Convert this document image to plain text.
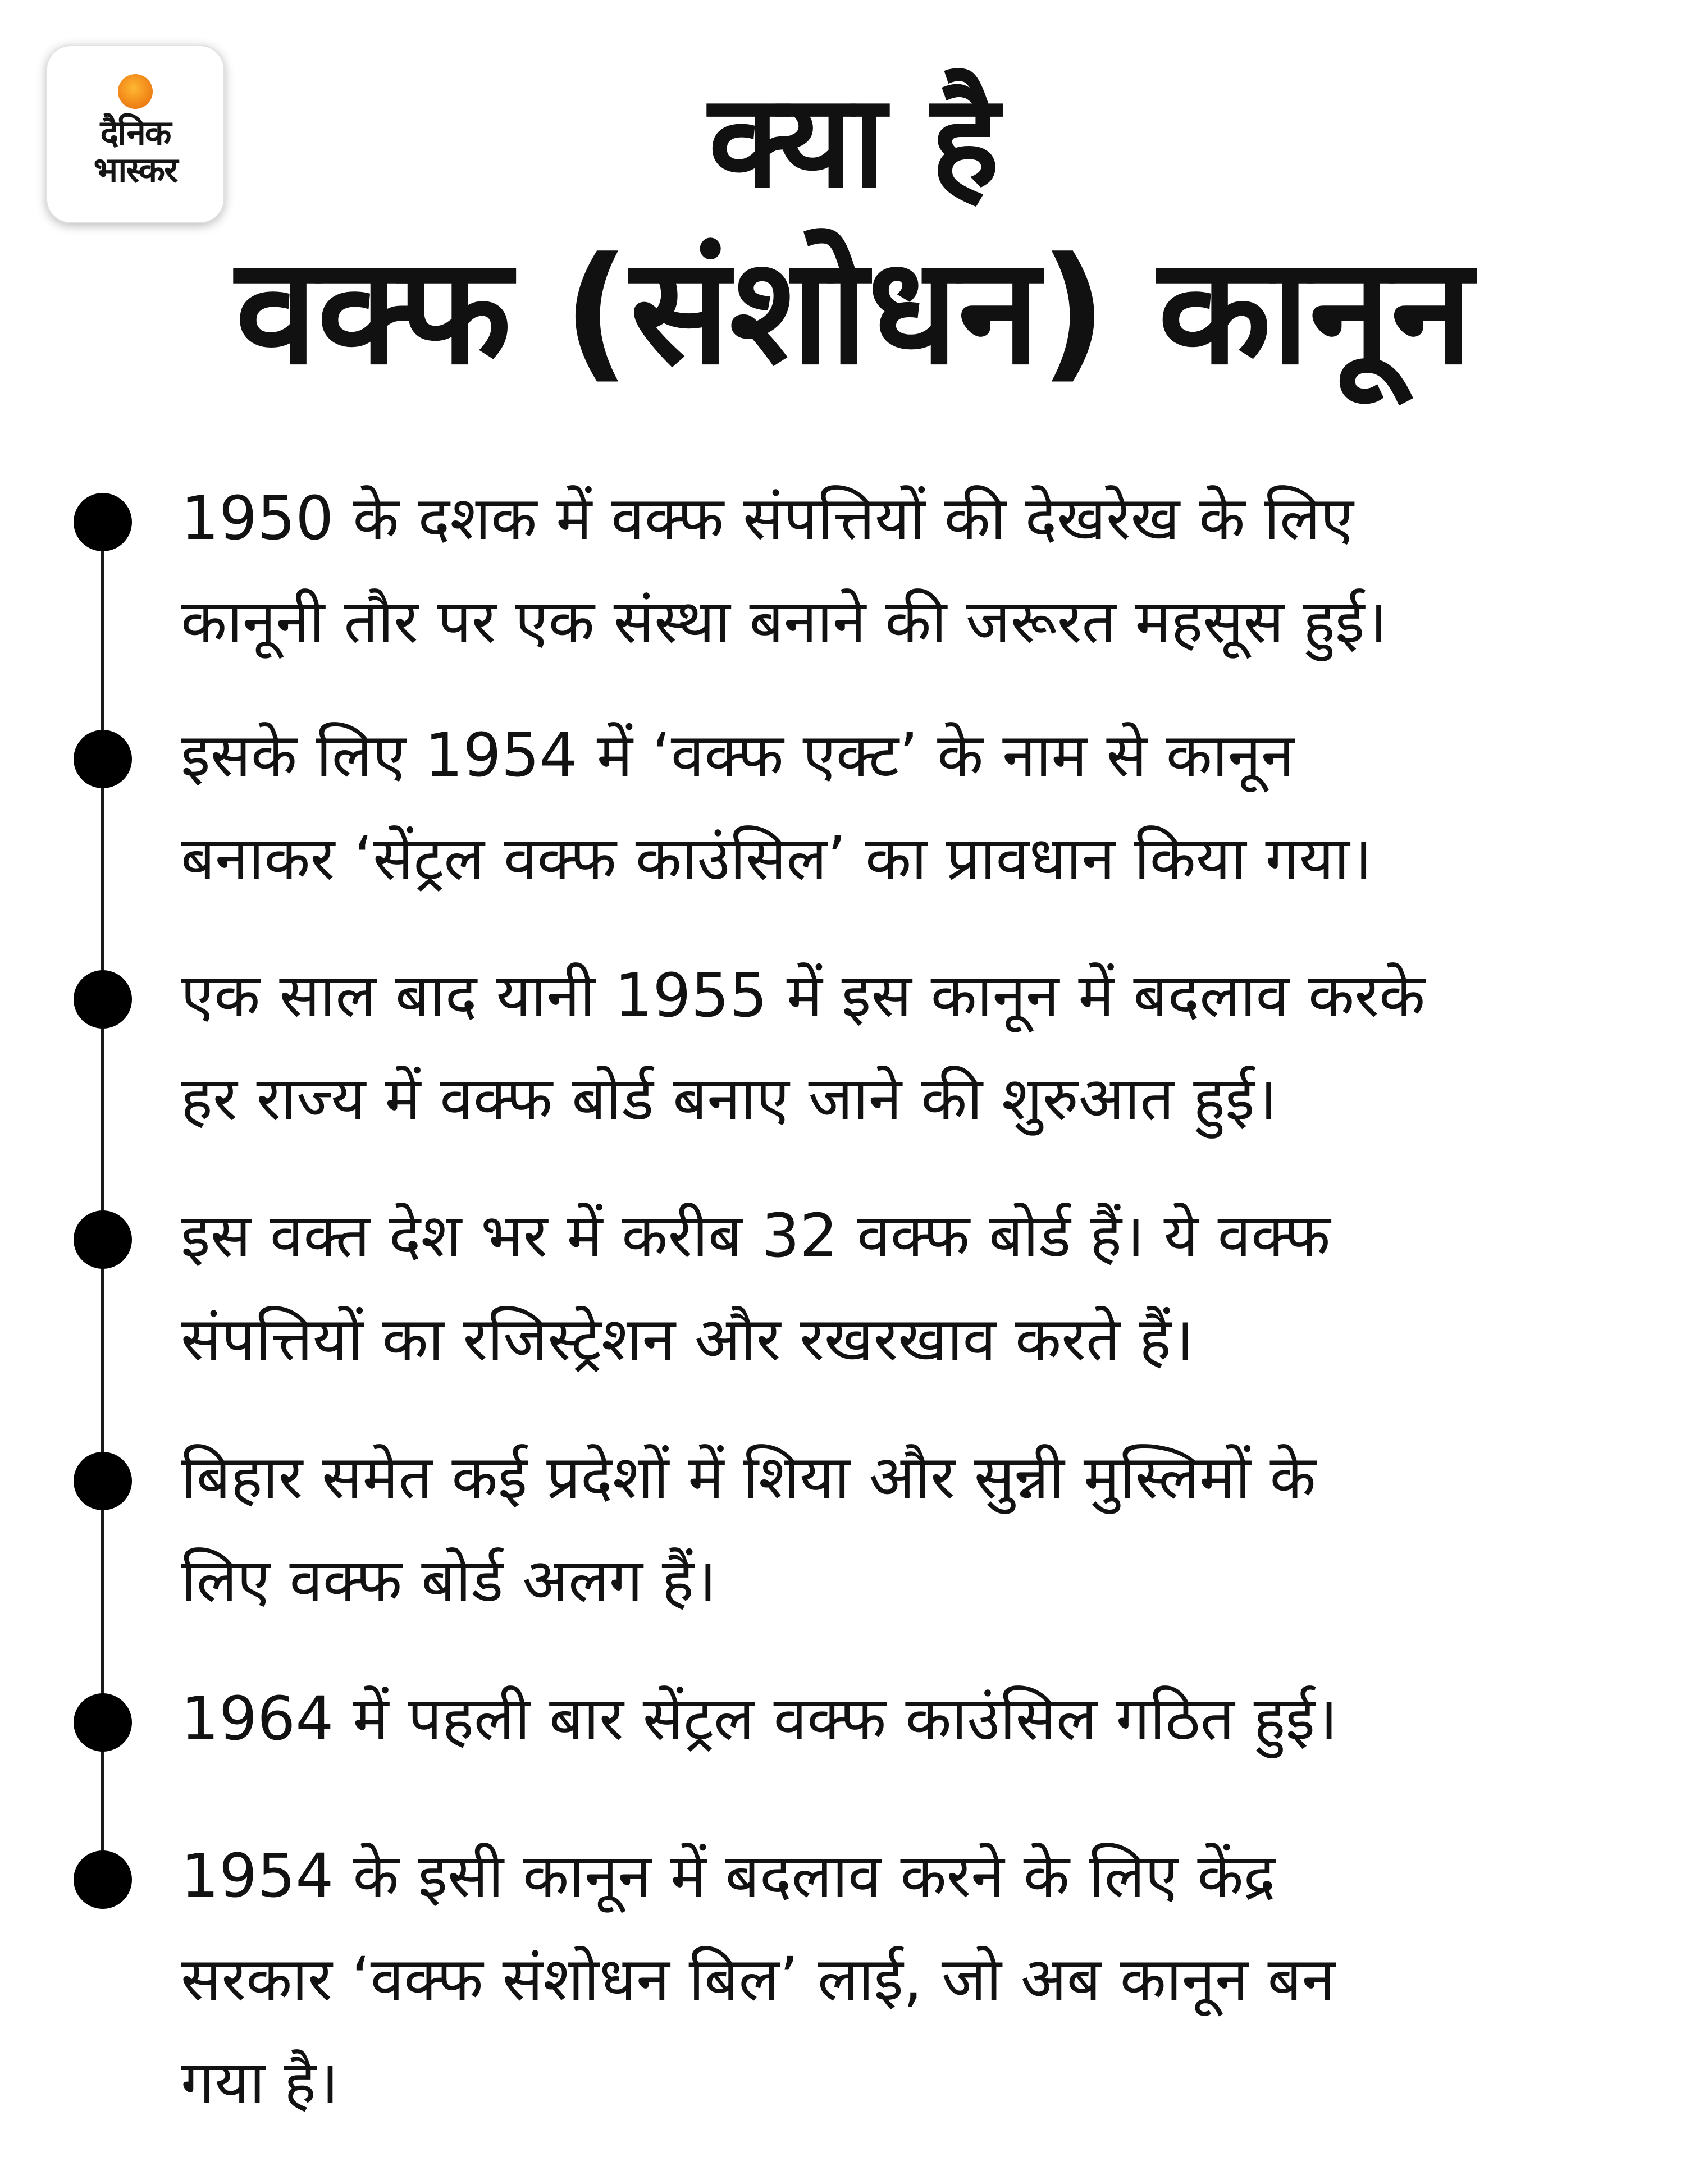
दैनिक
भास्कर	क्या है
वक्फ (संशोधन) कानून
1950 के दशक में वक्फ संपत्तियों की देखरेख के लिए
कानूनी तौर पर एक संस्था बनाने की जरूरत महसूस हुई।
इसके लिए 1954 में ‘वक्फ एक्ट’ के नाम से कानून
बनाकर ‘सेंट्रल वक्फ काउंसिल’ का प्रावधान किया गया।
एक साल बाद यानी 1955 में इस कानून में बदलाव करके
हर राज्य में वक्फ बोर्ड बनाए जाने की शुरुआत हुई।
इस वक्त देश भर में करीब 32 वक्फ बोर्ड हैं। ये वक्फ
संपत्तियों का रजिस्ट्रेशन और रखरखाव करते हैं।
बिहार समेत कई प्रदेशों में शिया और सुन्नी मुस्लिमों के
लिए वक्फ बोर्ड अलग हैं।
1964 में पहली बार सेंट्रल वक्फ काउंसिल गठित हुई।
1954 के इसी कानून में बदलाव करने के लिए केंद्र
सरकार ‘वक्फ संशोधन बिल’ लाई, जो अब कानून बन
गया है।
